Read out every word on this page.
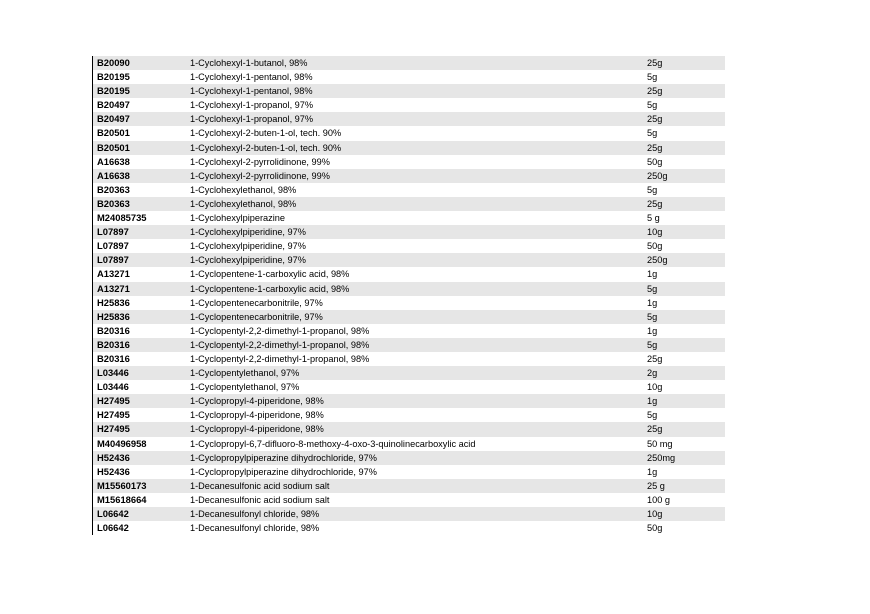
B20090	1-Cyclohexyl-1-butanol, 98%	25g
B20195	1-Cyclohexyl-1-pentanol, 98%	5g
B20195	1-Cyclohexyl-1-pentanol, 98%	25g
B20497	1-Cyclohexyl-1-propanol, 97%	5g
B20497	1-Cyclohexyl-1-propanol, 97%	25g
B20501	1-Cyclohexyl-2-buten-1-ol, tech. 90%	5g
B20501	1-Cyclohexyl-2-buten-1-ol, tech. 90%	25g
A16638	1-Cyclohexyl-2-pyrrolidinone, 99%	50g
A16638	1-Cyclohexyl-2-pyrrolidinone, 99%	250g
B20363	1-Cyclohexylethanol, 98%	5g
B20363	1-Cyclohexylethanol, 98%	25g
M24085735	1-Cyclohexylpiperazine	5 g
L07897	1-Cyclohexylpiperidine, 97%	10g
L07897	1-Cyclohexylpiperidine, 97%	50g
L07897	1-Cyclohexylpiperidine, 97%	250g
A13271	1-Cyclopentene-1-carboxylic acid, 98%	1g
A13271	1-Cyclopentene-1-carboxylic acid, 98%	5g
H25836	1-Cyclopentenecarbonitrile, 97%	1g
H25836	1-Cyclopentenecarbonitrile, 97%	5g
B20316	1-Cyclopentyl-2,2-dimethyl-1-propanol, 98%	1g
B20316	1-Cyclopentyl-2,2-dimethyl-1-propanol, 98%	5g
B20316	1-Cyclopentyl-2,2-dimethyl-1-propanol, 98%	25g
L03446	1-Cyclopentylethanol, 97%	2g
L03446	1-Cyclopentylethanol, 97%	10g
H27495	1-Cyclopropyl-4-piperidone, 98%	1g
H27495	1-Cyclopropyl-4-piperidone, 98%	5g
H27495	1-Cyclopropyl-4-piperidone, 98%	25g
M40496958	1-Cyclopropyl-6,7-difluoro-8-methoxy-4-oxo-3-quinolinecarboxylic acid	50 mg
H52436	1-Cyclopropylpiperazine dihydrochloride, 97%	250mg
H52436	1-Cyclopropylpiperazine dihydrochloride, 97%	1g
M15560173	1-Decanesulfonic acid sodium salt	25 g
M15618664	1-Decanesulfonic acid sodium salt	100 g
L06642	1-Decanesulfonyl chloride, 98%	10g
L06642	1-Decanesulfonyl chloride, 98%	50g
